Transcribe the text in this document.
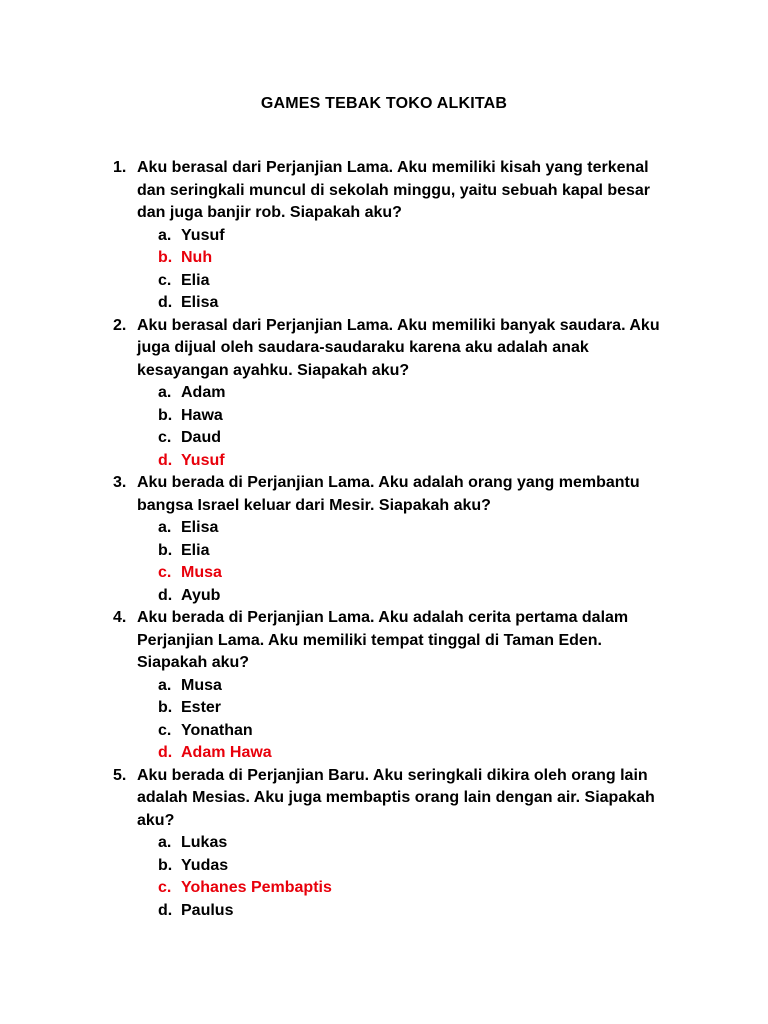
GAMES TEBAK TOKO ALKITAB
1. Aku berasal dari Perjanjian Lama. Aku memiliki kisah yang terkenal dan seringkali muncul di sekolah minggu, yaitu sebuah kapal besar dan juga banjir rob. Siapakah aku?
a. Yusuf
b. Nuh
c. Elia
d. Elisa
2. Aku berasal dari Perjanjian Lama. Aku memiliki banyak saudara. Aku juga dijual oleh saudara-saudaraku karena aku adalah anak kesayangan ayahku. Siapakah aku?
a. Adam
b. Hawa
c. Daud
d. Yusuf
3. Aku berada di Perjanjian Lama. Aku adalah orang yang membantu bangsa Israel keluar dari Mesir. Siapakah aku?
a. Elisa
b. Elia
c. Musa
d. Ayub
4. Aku berada di Perjanjian Lama. Aku adalah cerita pertama dalam Perjanjian Lama. Aku memiliki tempat tinggal di Taman Eden. Siapakah aku?
a. Musa
b. Ester
c. Yonathan
d. Adam Hawa
5. Aku berada di Perjanjian Baru. Aku seringkali dikira oleh orang lain adalah Mesias. Aku juga membaptis orang lain dengan air. Siapakah aku?
a. Lukas
b. Yudas
c. Yohanes Pembaptis
d. Paulus
